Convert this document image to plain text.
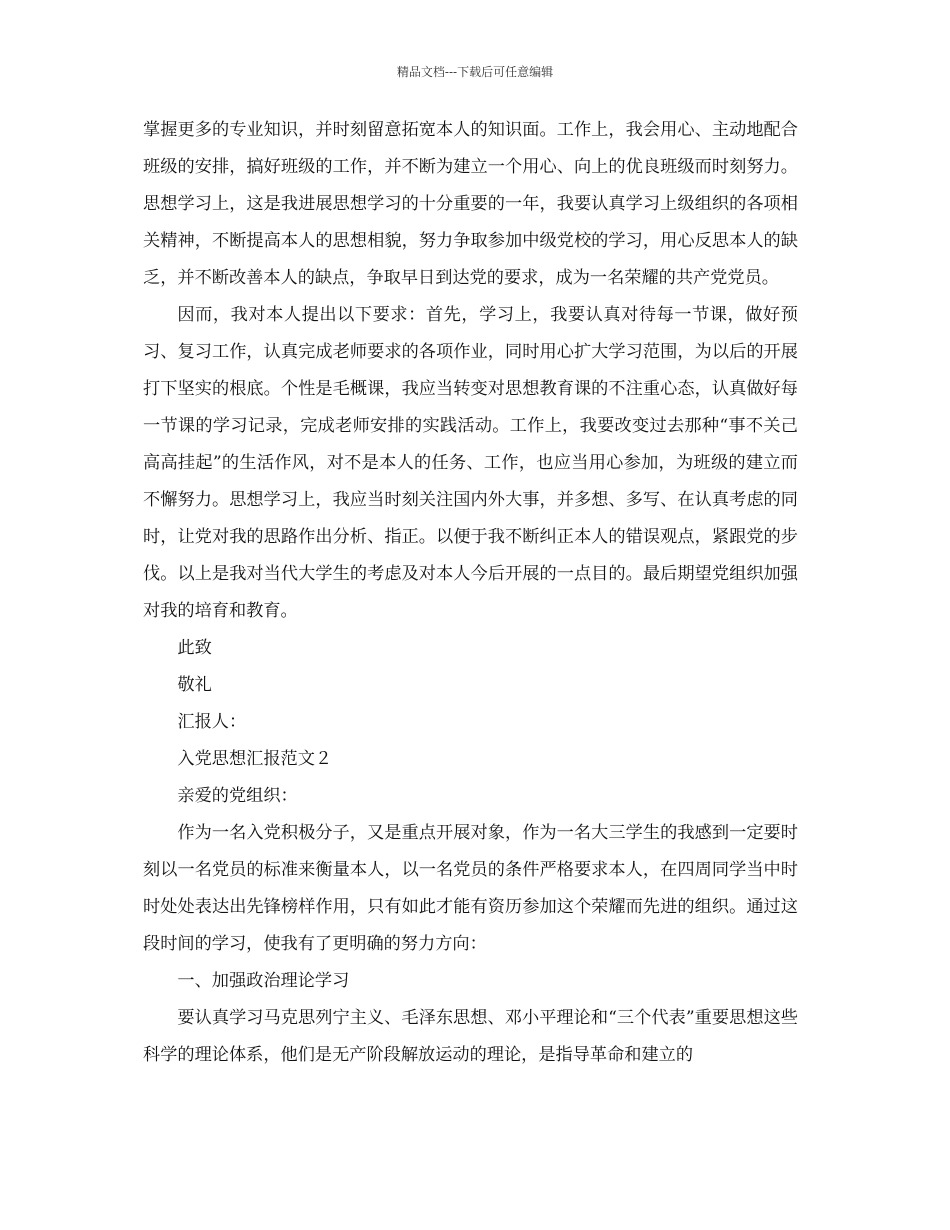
精品文档---下载后可任意编辑

掌握更多的专业知识，并时刻留意拓宽本人的知识面。工作上，我会用心、主动地配合班级的安排，搞好班级的工作，并不断为建立一个用心、向上的优良班级而时刻努力。思想学习上，这是我进展思想学习的十分重要的一年，我要认真学习上级组织的各项相关精神，不断提高本人的思想相貌，努力争取参加中级党校的学习，用心反思本人的缺乏，并不断改善本人的缺点，争取早日到达党的要求，成为一名荣耀的共产党党员。

因而，我对本人提出以下要求：首先，学习上，我要认真对待每一节课，做好预习、复习工作，认真完成老师要求的各项作业，同时用心扩大学习范围，为以后的开展打下坚实的根底。个性是毛概课，我应当转变对思想教育课的不注重心态，认真做好每一节课的学习记录，完成老师安排的实践活动。工作上，我要改变过去那种“事不关己高高挂起”的生活作风，对不是本人的任务、工作，也应当用心参加，为班级的建立而不懈努力。思想学习上，我应当时刻关注国内外大事，并多想、多写、在认真考虑的同时，让党对我的思路作出分析、指正。以便于我不断纠正本人的错误观点，紧跟党的步伐。以上是我对当代大学生的考虑及对本人今后开展的一点目的。最后期望党组织加强对我的培育和教育。

此致

敬礼

汇报人：

入党思想汇报范文２

亲爱的党组织：

作为一名入党积极分子，又是重点开展对象，作为一名大三学生的我感到一定要时刻以一名党员的标准来衡量本人，以一名党员的条件严格要求本人，在四周同学当中时时处处表达出先锋榜样作用，只有如此才能有资历参加这个荣耀而先进的组织。通过这段时间的学习，使我有了更明确的努力方向：

一、加强政治理论学习

要认真学习马克思列宁主义、毛泽东思想、邓小平理论和“三个代表”重要思想这些科学的理论体系，他们是无产阶段解放运动的理论，是指导革命和建立的
